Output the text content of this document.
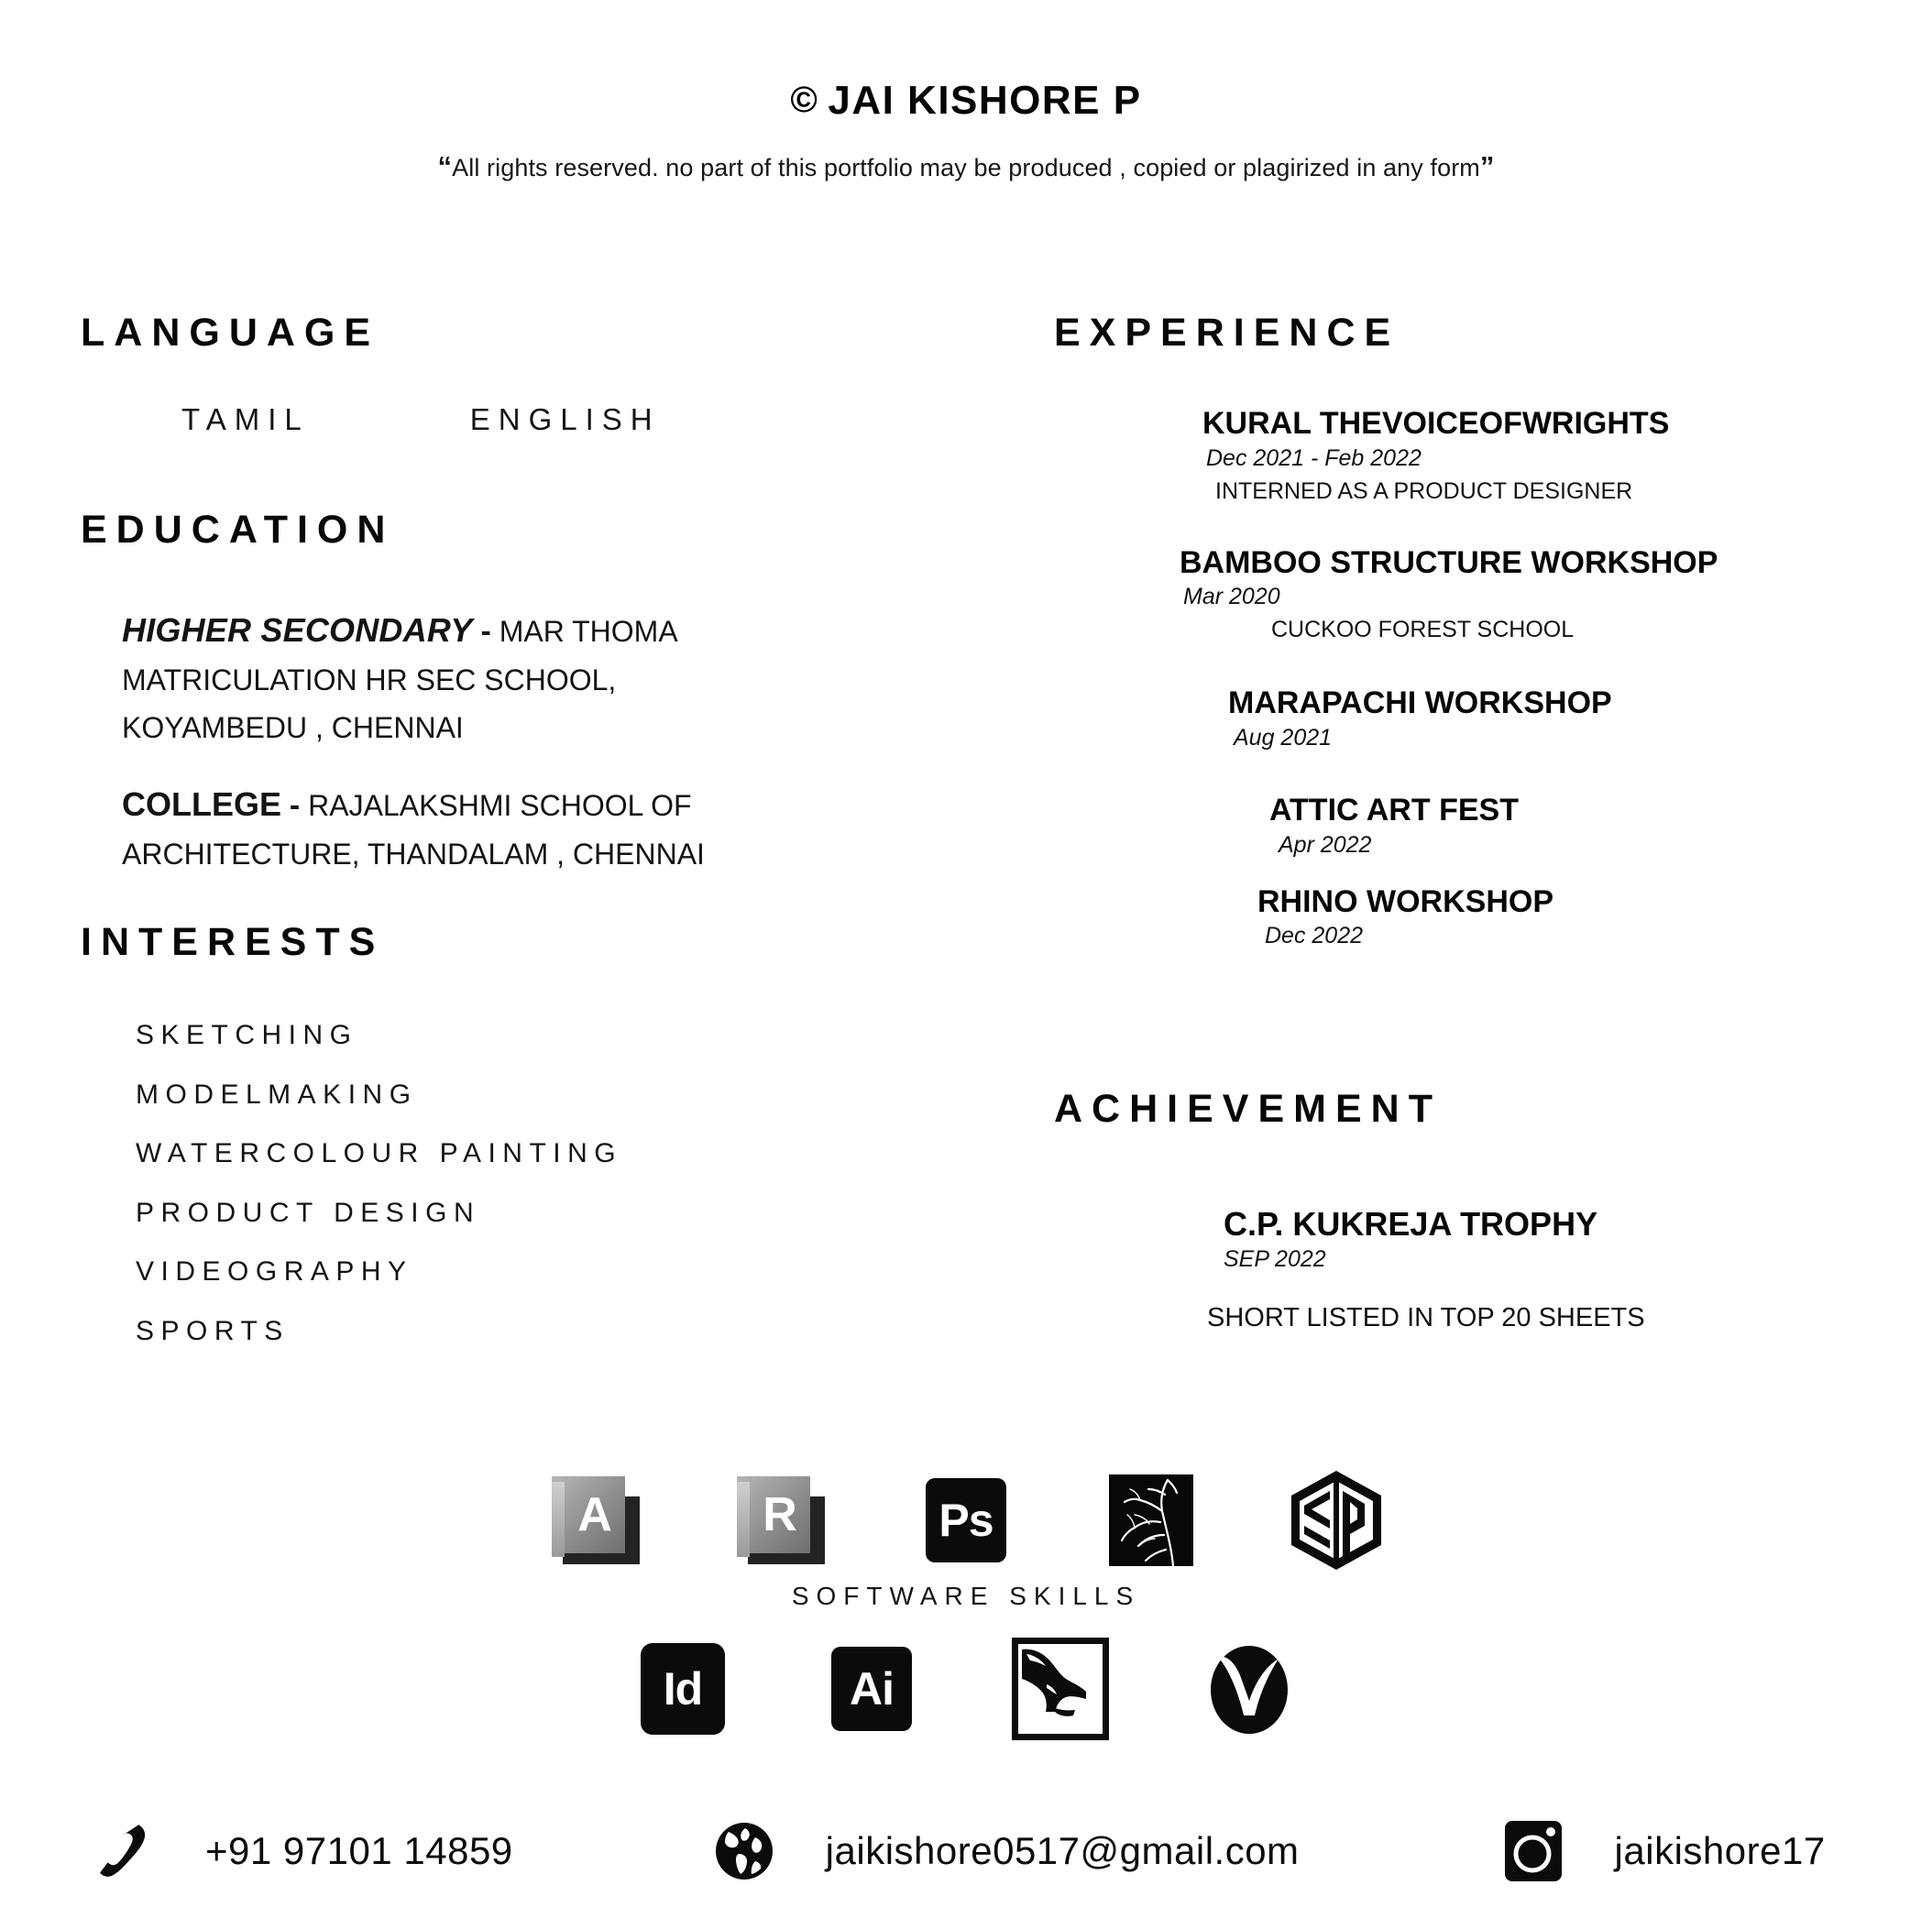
© JAI KISHORE P
“All rights reserved. no part of this portfolio may be produced , copied or plagirized in any form”
LANGUAGE
TAMIL	ENGLISH
EDUCATION
HIGHER SECONDARY - MAR THOMA
MATRICULATION HR SEC SCHOOL,
KOYAMBEDU , CHENNAI
COLLEGE - RAJALAKSHMI SCHOOL OF
ARCHITECTURE, THANDALAM , CHENNAI
INTERESTS
SKETCHING
MODELMAKING
WATERCOLOUR PAINTING
PRODUCT DESIGN
VIDEOGRAPHY
SPORTS
EXPERIENCE
KURAL THEVOICEOFWRIGHTS
Dec 2021 - Feb 2022
INTERNED AS A PRODUCT DESIGNER
BAMBOO STRUCTURE WORKSHOP
Mar 2020
CUCKOO FOREST SCHOOL
MARAPACHI WORKSHOP
Aug 2021
ATTIC ART FEST
Apr 2022
RHINO WORKSHOP
Dec 2022
ACHIEVEMENT
C.P. KUKREJA TROPHY
SEP 2022
SHORT LISTED IN TOP 20 SHEETS
A	R	Ps
SOFTWARE SKILLS
Id	Ai
+91 97101 14859	jaikishore0517@gmail.com	jaikishore17
